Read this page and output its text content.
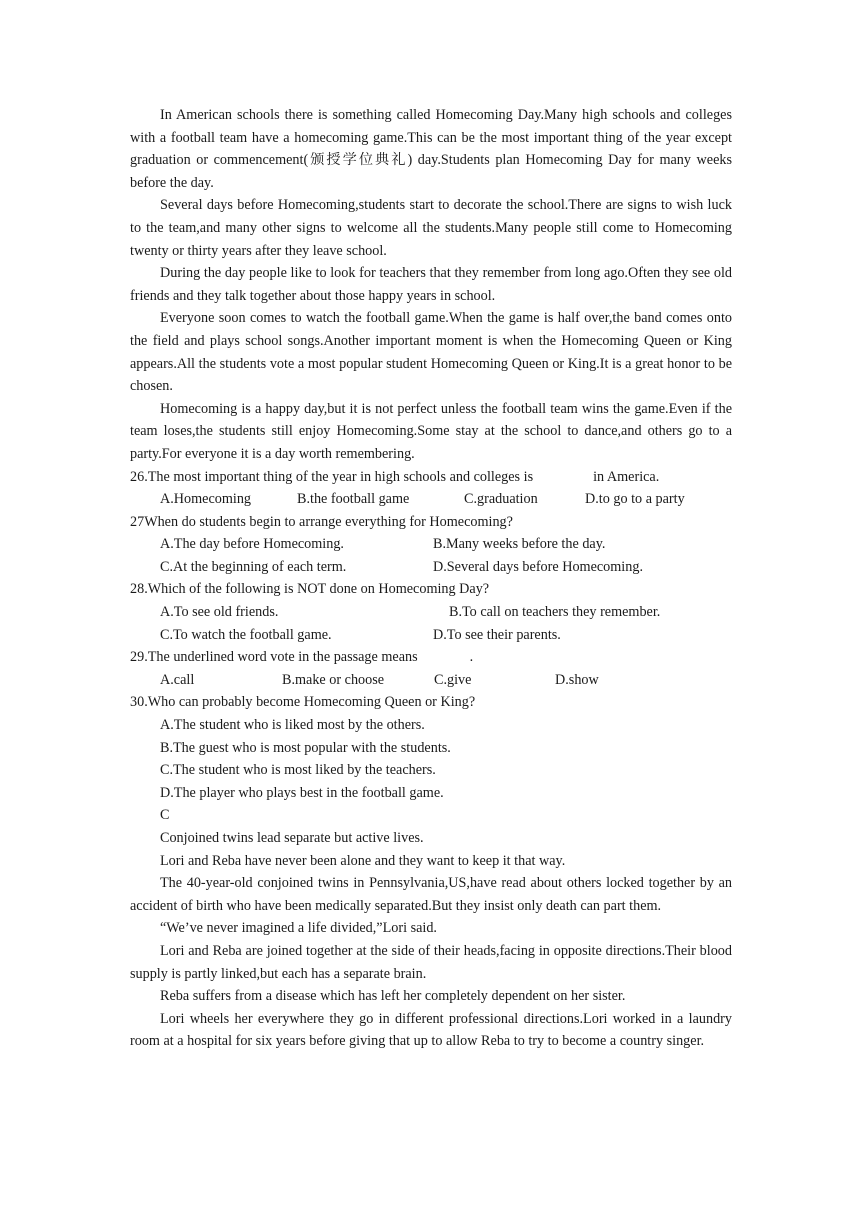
In American schools there is something called Homecoming Day.Many high schools and colleges with a football team have a homecoming game.This can be the most important thing of the year except graduation or commencement(颁授学位典礼) day.Students plan Homecoming Day for many weeks before the day.

Several days before Homecoming,students start to decorate the school.There are signs to wish luck to the team,and many other signs to welcome all the students.Many people still come to Homecoming twenty or thirty years after they leave school.

During the day people like to look for teachers that they remember from long ago.Often they see old friends and they talk together about those happy years in school.

Everyone soon comes to watch the football game.When the game is half over,the band comes onto the field and plays school songs.Another important moment is when the Homecoming Queen or King appears.All the students vote a most popular student Homecoming Queen or King.It is a great honor to be chosen.

Homecoming is a happy day,but it is not perfect unless the football team wins the game.Even if the team loses,the students still enjoy Homecoming.Some stay at the school to dance,and others go to a party.For everyone it is a day worth remembering.

26.The most important thing of the year in high schools and colleges is	in America.

A.Homecoming	B.the football game	C.graduation	D.to go to a party

27When do students begin to arrange everything for Homecoming?

A.The day before Homecoming.	B.Many weeks before the day.
C.At the beginning of each term.	D.Several days before Homecoming.

28.Which of the following is NOT done on Homecoming Day?

A.To see old friends.	B.To call on teachers they remember.
C.To watch the football game.	D.To see their parents.

29.The underlined word vote in the passage means	.

A.call	B.make or choose	C.give	D.show

30.Who can probably become Homecoming Queen or King?

A.The student who is liked most by the others.

B.The guest who is most popular with the students.

C.The student who is most liked by the teachers.

D.The player who plays best in the football game.

C

Conjoined twins lead separate but active lives.

Lori and Reba have never been alone and they want to keep it that way.

The 40-year-old conjoined twins in Pennsylvania,US,have read about others locked together by an accident of birth who have been medically separated.But they insist only death can part them.

“We’ve never imagined a life divided,”Lori said.

Lori and Reba are joined together at the side of their heads,facing in opposite directions.Their blood supply is partly linked,but each has a separate brain.

Reba suffers from a disease which has left her completely dependent on her sister.

Lori wheels her everywhere they go in different professional directions.Lori worked in a laundry room at a hospital for six years before giving that up to allow Reba to try to become a country singer.
